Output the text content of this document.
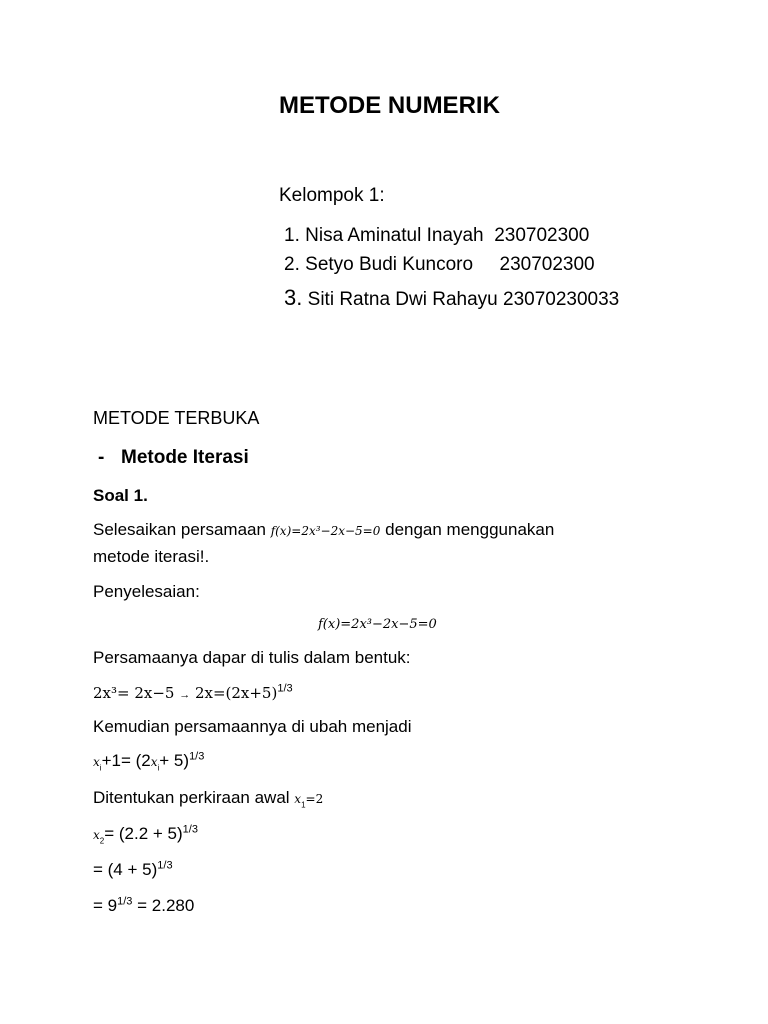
METODE NUMERIK
Kelompok 1:
1. Nisa Aminatul Inayah 230702300
2. Setyo Budi Kuncoro 230702300
3. Siti Ratna Dwi Rahayu 23070230033
METODE TERBUKA
- Metode Iterasi
Soal 1.
Selesaikan persamaan f(x)=2x³−2x−5=0 dengan menggunakan
metode iterasi!.
Penyelesaian:
f(x)=2x³−2x−5=0
Persamaanya dapar di tulis dalam bentuk:
$2x^3= 2x-5 \to 2x=(2x+5)^{1/3}$
Kemudian persamaannya di ubah menjadi
$x_i+1= (2x_i+ 5)^{1/3}$
Ditentukan perkiraan awal $x_1=2$
$x_2= (2.2 + 5)^{1/3}$
= $(4 + 5)^{1/3}$
= $9^{1/3} = 2.280$
